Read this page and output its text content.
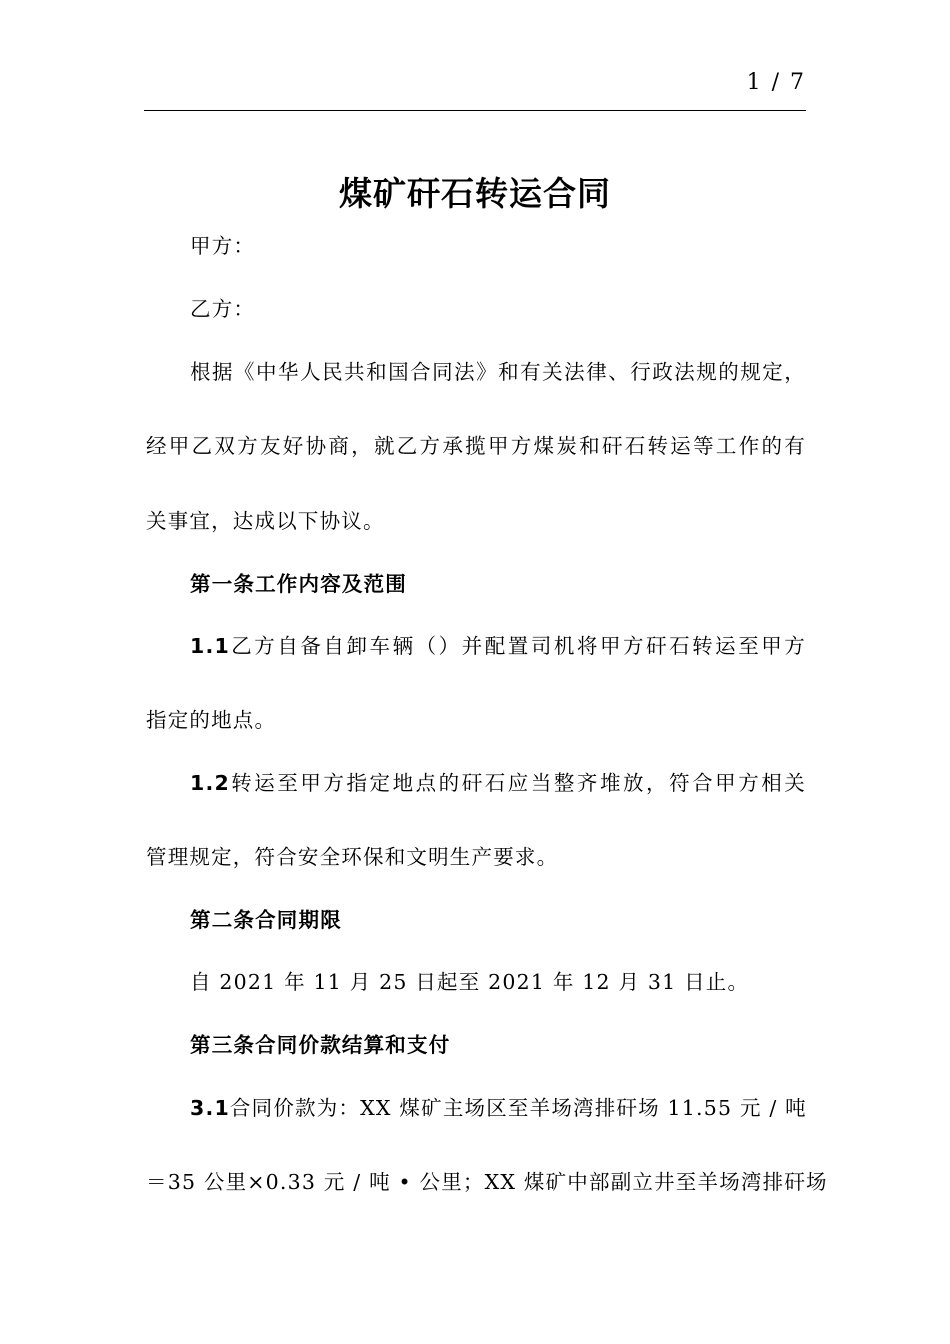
1 / 7
煤矿矸石转运合同
甲方：
乙方：
根据《中华人民共和国合同法》和有关法律、行政法规的规定，
经甲乙双方友好协商，就乙方承揽甲方煤炭和矸石转运等工作的有
关事宜，达成以下协议。
第一条工作内容及范围
1.1乙方自备自卸车辆（）并配置司机将甲方矸石转运至甲方
指定的地点。
1.2转运至甲方指定地点的矸石应当整齐堆放，符合甲方相关
管理规定，符合安全环保和文明生产要求。
第二条合同期限
自 2021 年 11 月 25 日起至 2021 年 12 月 31 日止。
第三条合同价款结算和支付
3.1合同价款为：XX 煤矿主场区至羊场湾排矸场 11.55 元 / 吨
＝35 公里×0.33 元 / 吨 • 公里；XX 煤矿中部副立井至羊场湾排矸场
